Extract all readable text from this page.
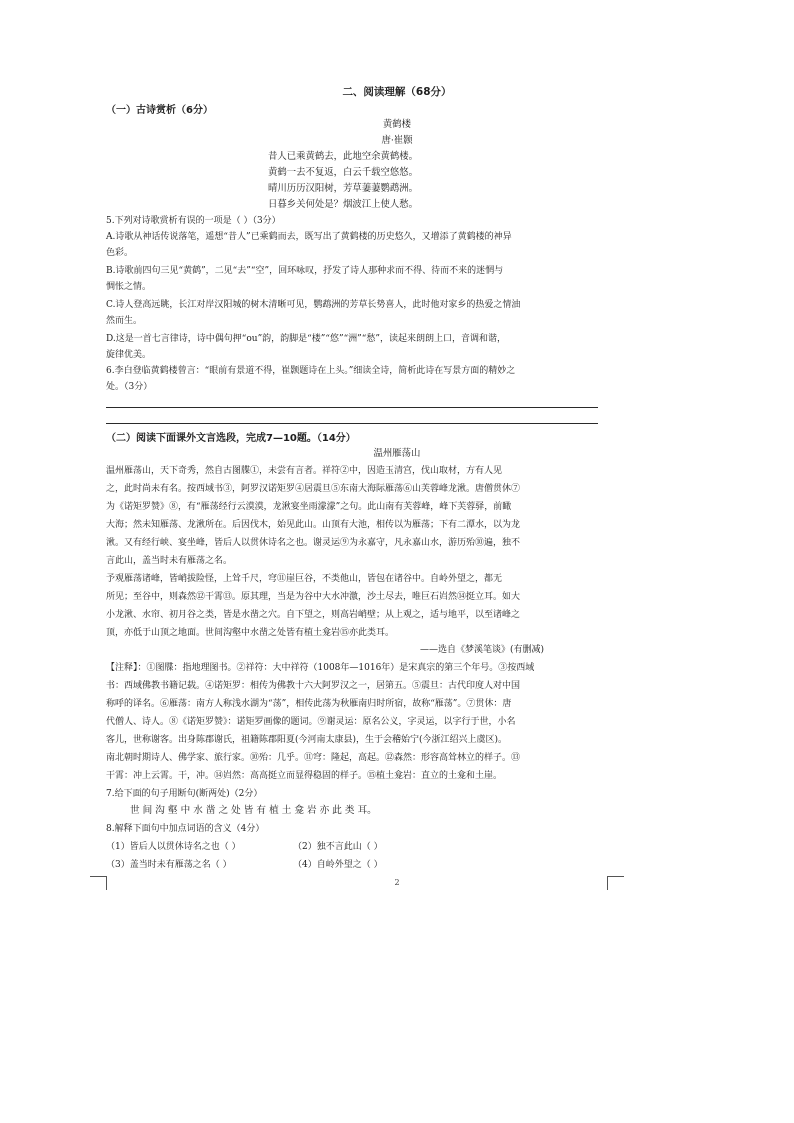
二、阅读理解（68分）
（一）古诗赏析（6分）
黄鹤楼
唐·崔颢
昔人已乘黄鹤去，此地空余黄鹤楼。
黄鹤一去不复返，白云千载空悠悠。
晴川历历汉阳树，芳草萋萋鹦鹉洲。
日暮乡关何处是？烟波江上使人愁。
5.下列对诗歌赏析有误的一项是（ ）（3分）
A.诗歌从神话传说落笔，遥想“昔人”已乘鹤而去，既写出了黄鹤楼的历史悠久，又增添了黄鹤楼的神异
色彩。
B.诗歌前四句三见“黄鹤”，二见“去”“空”，回环咏叹，抒发了诗人那种求而不得、待而不来的迷惘与
惆怅之情。
C.诗人登高远眺，长江对岸汉阳城的树木清晰可见，鹦鹉洲的芳草长势喜人，此时他对家乡的热爱之情油
然而生。
D.这是一首七言律诗，诗中偶句押“ou”韵，韵脚是“楼”“悠”“洲”“愁”，读起来朗朗上口，音调和谐，
旋律优美。
6.李白登临黄鹤楼曾言：“眼前有景道不得，崔颢题诗在上头。”细读全诗，简析此诗在写景方面的精妙之
处。（3分）
（二）阅读下面课外文言选段，完成7—10题。（14分）
温州雁荡山
温州雁荡山，天下奇秀，然自古图牒①，未尝有言者。祥符②中，因造玉清宫，伐山取材，方有人见
之，此时尚未有名。按西域书③，阿罗汉诺矩罗④居震旦⑤东南大海际雁荡⑥山芙蓉峰龙湫。唐僧贯休⑦
为《诺矩罗赞》⑧，有“雁荡经行云漠漠，龙湫宴坐雨濛濛”之句。此山南有芙蓉峰，峰下芙蓉驿，前瞰
大海；然未知雁荡、龙湫所在。后因伐木，始见此山。山顶有大池，相传以为雁荡；下有二潭水，以为龙
湫。又有经行峡、宴坐峰，皆后人以贯休诗名之也。谢灵运⑨为永嘉守，凡永嘉山水，游历殆⑩遍，独不
言此山，盖当时未有雁荡之名。
予观雁荡诸峰，皆峭拔险怪，上耸千尺，穹⑪崖巨谷，不类他山，皆包在诸谷中。自岭外望之，都无
所见；至谷中，则森然⑫干霄⑬。原其理，当是为谷中大水冲激，沙土尽去，唯巨石岿然⑭挺立耳。如大
小龙湫、水帘、初月谷之类，皆是水凿之穴。自下望之，则高岩峭壁；从上观之，适与地平，以至诸峰之
顶，亦低于山顶之地面。世间沟壑中水凿之处皆有植土龛岩⑮亦此类耳。
——选自《梦溪笔谈》(有删减)
【注释】：①图牒：指地理图书。②祥符：大中祥符（1008年—1016年）是宋真宗的第三个年号。③按西域
书：西域佛教书籍记载。④诺矩罗：相传为佛教十六大阿罗汉之一，居第五。⑤震旦：古代印度人对中国
称呼的译名。⑥雁荡：南方人称浅水湖为“荡”，相传此荡为秋雁南归时所宿，故称“雁荡”。⑦贯休：唐
代僧人、诗人。⑧《诺矩罗赞》：诺矩罗画像的题词。⑨谢灵运：原名公义，字灵运，以字行于世，小名
客儿，世称谢客。出身陈郡谢氏，祖籍陈郡阳夏(今河南太康县)，生于会稽始宁(今浙江绍兴上虞区)。
南北朝时期诗人、佛学家、旅行家。⑩殆：几乎。⑪穹：隆起，高起。⑫森然：形容高耸林立的样子。⑬
干霄：冲上云霄。干，冲。⑭岿然：高高挺立而显得稳固的样子。⑮植土龛岩：直立的土龛和土崖。
7.给下面的句子用断句(断两处)（2分）
世 间 沟 壑 中 水 凿 之 处 皆 有 植 土 龛 岩 亦 此 类 耳。
8.解释下面句中加点词语的含义（4分）
（1）皆后人以贯休诗名之也（ ）	（2）独不言此山（ ）
（3）盖当时未有雁荡之名（ ）	（4）自岭外望之（ ）
2
